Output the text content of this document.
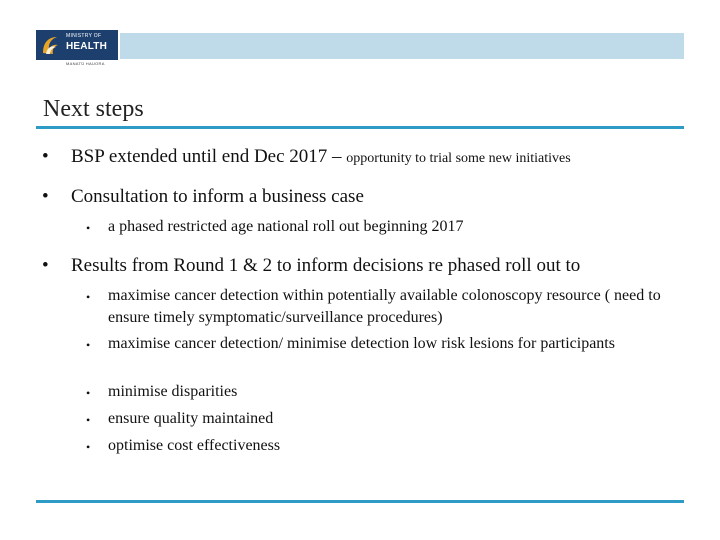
MINISTRY OF
HEALTH
MANATŪ HAUORA
Next steps
• BSP extended until end Dec 2017 – opportunity to trial some new initiatives
• Consultation to inform a business case
• a phased restricted age national roll out beginning 2017
• Results from Round 1 & 2 to inform decisions re phased roll out to
• maximise cancer detection within potentially available colonoscopy resource ( need to ensure timely symptomatic/surveillance procedures)
• maximise cancer detection/ minimise detection low risk lesions for participants
• minimise disparities
• ensure quality maintained
• optimise cost effectiveness
